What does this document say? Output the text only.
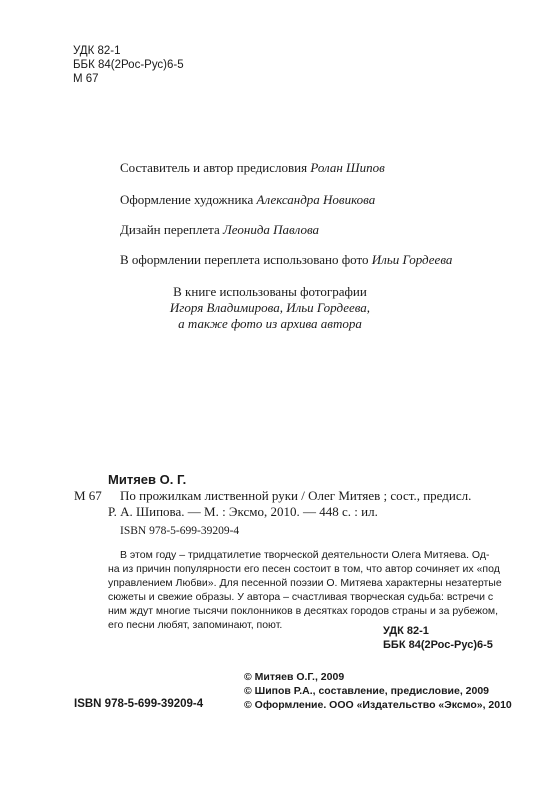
УДК 82-1
ББК 84(2Рос-Рус)6-5
М 67
Составитель и автор предисловия Ролан Шипов
Оформление художника Александра Новикова
Дизайн переплета Леонида Павлова
В оформлении переплета использовано фото Ильи Гордеева
В книге использованы фотографии
Игоря Владимирова, Ильи Гордеева,
а также фото из архива автора
Митяев О. Г.
М 67 По прожилкам лиственной руки / Олег Митяев ; сост., предисл.
Р. А. Шипова. — М. : Эксмо, 2010. — 448 с. : ил.
ISBN 978-5-699-39209-4
В этом году – тридцатилетие творческой деятельности Олега Митяева. Од-
на из причин популярности его песен состоит в том, что автор сочиняет их «под
управлением Любви». Для песенной поэзии О. Митяева характерны незатертые
сюжеты и свежие образы. У автора – счастливая творческая судьба: встречи с
ним ждут многие тысячи поклонников в десятках городов страны и за рубежом,
его песни любят, запоминают, поют.	УДК 82-1
ББК 84(2Рос-Рус)6-5
© Митяев О.Г., 2009
© Шипов Р.А., составление, предисловие, 2009
© Оформление. ООО «Издательство «Эксмо», 2010
ISBN 978-5-699-39209-4
